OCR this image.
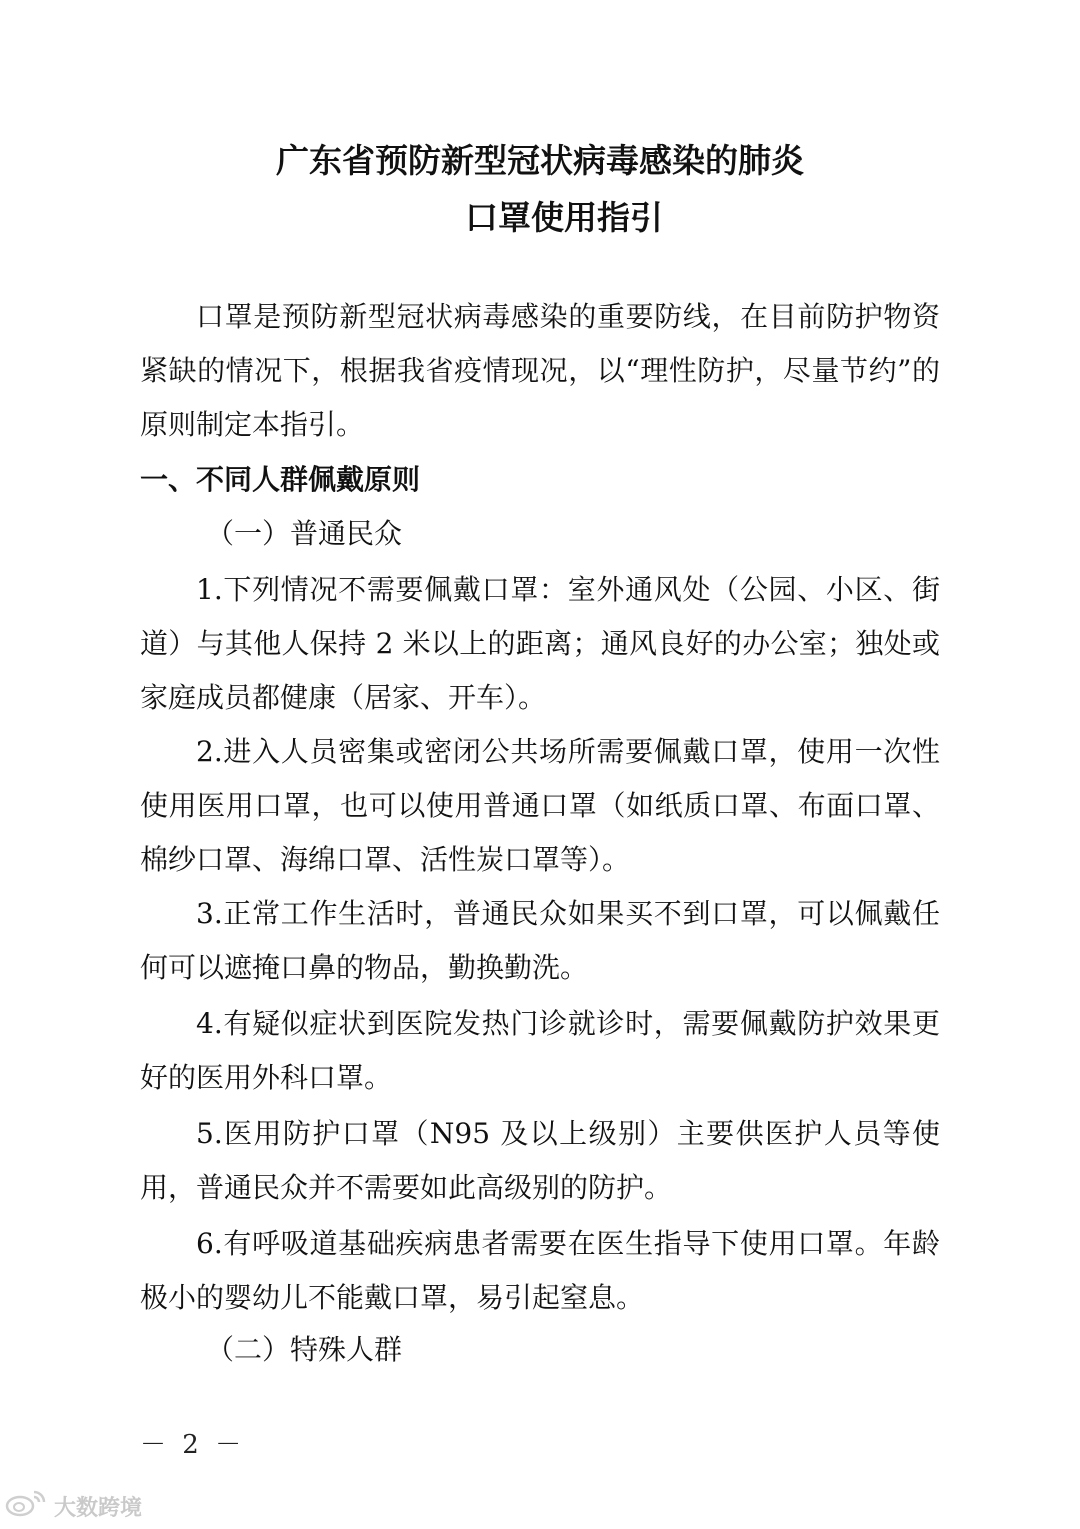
广东省预防新型冠状病毒感染的肺炎
口罩使用指引
口罩是预防新型冠状病毒感染的重要防线，在目前防护物资紧缺的情况下，根据我省疫情现况，以“理性防护，尽量节约”的原则制定本指引。
一、不同人群佩戴原则
（一）普通民众
1.下列情况不需要佩戴口罩：室外通风处（公园、小区、街道）与其他人保持 2 米以上的距离；通风良好的办公室；独处或家庭成员都健康（居家、开车）。
2.进入人员密集或密闭公共场所需要佩戴口罩，使用一次性使用医用口罩，也可以使用普通口罩（如纸质口罩、布面口罩、棉纱口罩、海绵口罩、活性炭口罩等）。
3.正常工作生活时，普通民众如果买不到口罩，可以佩戴任何可以遮掩口鼻的物品，勤换勤洗。
4.有疑似症状到医院发热门诊就诊时，需要佩戴防护效果更好的医用外科口罩。
5.医用防护口罩（N95 及以上级别）主要供医护人员等使用，普通民众并不需要如此高级别的防护。
6.有呼吸道基础疾病患者需要在医生指导下使用口罩。年龄极小的婴幼儿不能戴口罩，易引起窒息。
（二）特殊人群
－ 2 －
大数跨境
